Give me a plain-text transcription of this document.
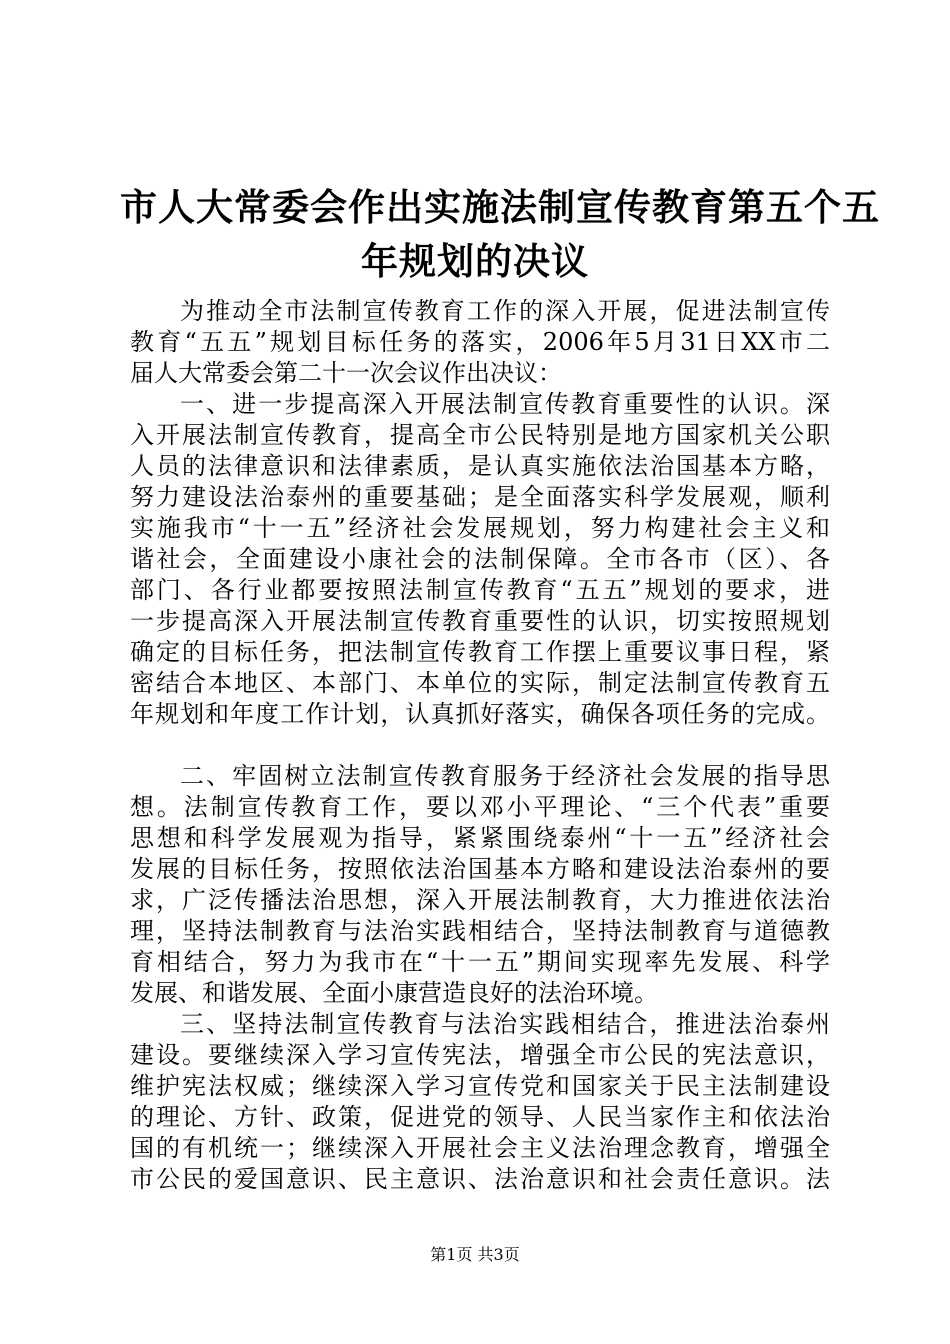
市人大常委会作出实施法制宣传教育第五个五
年规划的决议
为推动全市法制宣传教育工作的深入开展，促进法制宣传
教育“五五”规划目标任务的落实，2006年5月31日XX市二
届人大常委会第二十一次会议作出决议：
一、进一步提高深入开展法制宣传教育重要性的认识。深
入开展法制宣传教育，提高全市公民特别是地方国家机关公职
人员的法律意识和法律素质，是认真实施依法治国基本方略，
努力建设法治泰州的重要基础；是全面落实科学发展观，顺利
实施我市“十一五”经济社会发展规划，努力构建社会主义和
谐社会，全面建设小康社会的法制保障。全市各市（区）、各
部门、各行业都要按照法制宣传教育“五五”规划的要求，进
一步提高深入开展法制宣传教育重要性的认识，切实按照规划
确定的目标任务，把法制宣传教育工作摆上重要议事日程，紧
密结合本地区、本部门、本单位的实际，制定法制宣传教育五
年规划和年度工作计划，认真抓好落实，确保各项任务的完成。
二、牢固树立法制宣传教育服务于经济社会发展的指导思
想。法制宣传教育工作，要以邓小平理论、“三个代表”重要
思想和科学发展观为指导，紧紧围绕泰州“十一五”经济社会
发展的目标任务，按照依法治国基本方略和建设法治泰州的要
求，广泛传播法治思想，深入开展法制教育，大力推进依法治
理，坚持法制教育与法治实践相结合，坚持法制教育与道德教
育相结合，努力为我市在“十一五”期间实现率先发展、科学
发展、和谐发展、全面小康营造良好的法治环境。
三、坚持法制宣传教育与法治实践相结合，推进法治泰州
建设。要继续深入学习宣传宪法，增强全市公民的宪法意识，
维护宪法权威；继续深入学习宣传党和国家关于民主法制建设
的理论、方针、政策，促进党的领导、人民当家作主和依法治
国的有机统一；继续深入开展社会主义法治理念教育，增强全
市公民的爱国意识、民主意识、法治意识和社会责任意识。法
第1页 共3页
